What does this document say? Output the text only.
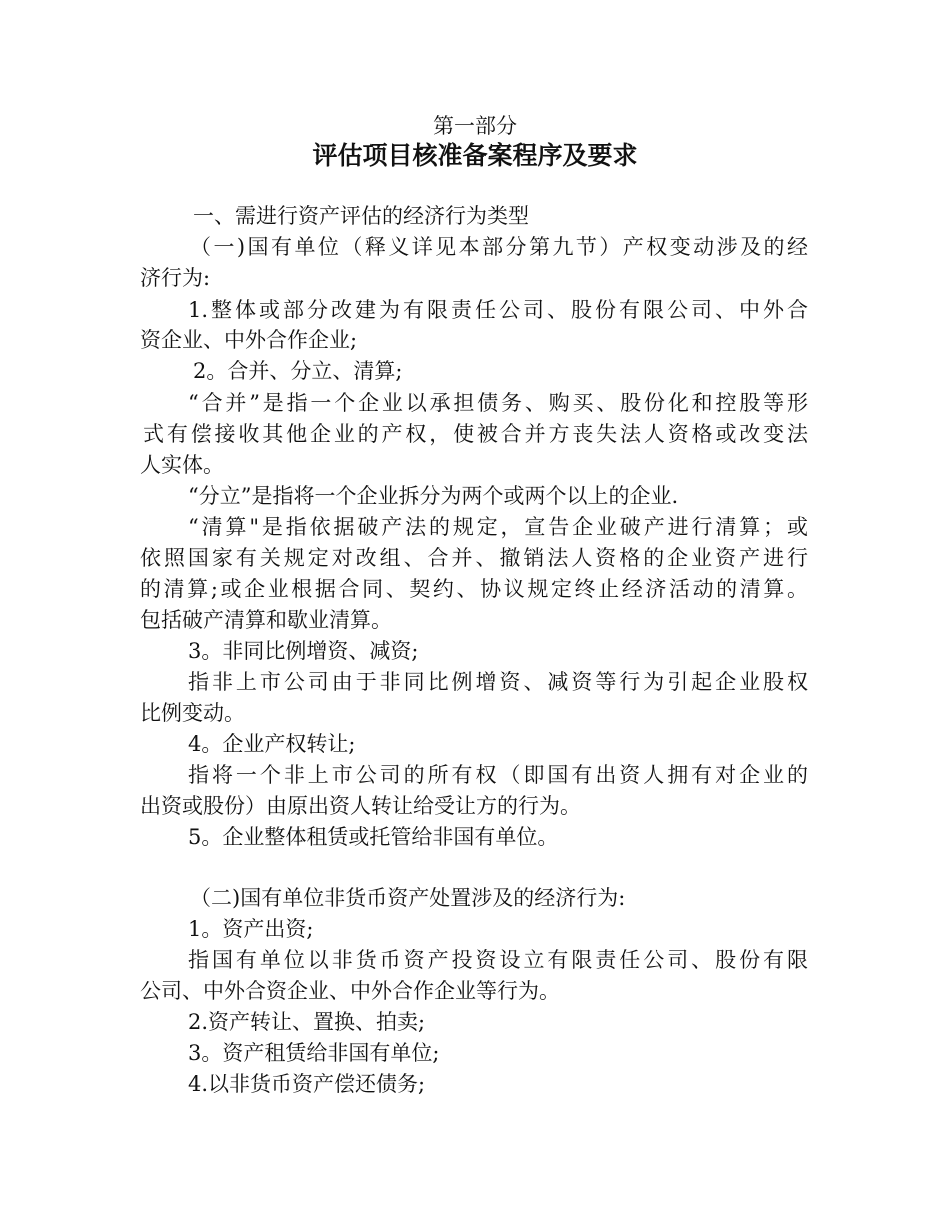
第一部分
评估项目核准备案程序及要求
一、需进行资产评估的经济行为类型
（一)国有单位（释义详见本部分第九节）产权变动涉及的经
济行为:
1.整体或部分改建为有限责任公司、股份有限公司、中外合
资企业、中外合作企业;
2。合并、分立、清算;
“合并”是指一个企业以承担债务、购买、股份化和控股等形
式有偿接收其他企业的产权，使被合并方丧失法人资格或改变法
人实体。
“分立”是指将一个企业拆分为两个或两个以上的企业.
“清算"是指依据破产法的规定，宣告企业破产进行清算；或
依照国家有关规定对改组、合并、撤销法人资格的企业资产进行
的清算;或企业根据合同、契约、协议规定终止经济活动的清算。
包括破产清算和歇业清算。
3。非同比例增资、减资;
指非上市公司由于非同比例增资、减资等行为引起企业股权
比例变动。
4。企业产权转让;
指将一个非上市公司的所有权（即国有出资人拥有对企业的
出资或股份）由原出资人转让给受让方的行为。
5。企业整体租赁或托管给非国有单位。
（二)国有单位非货币资产处置涉及的经济行为:
1。资产出资;
指国有单位以非货币资产投资设立有限责任公司、股份有限
公司、中外合资企业、中外合作企业等行为。
2.资产转让、置换、拍卖;
3。资产租赁给非国有单位;
4.以非货币资产偿还债务;
